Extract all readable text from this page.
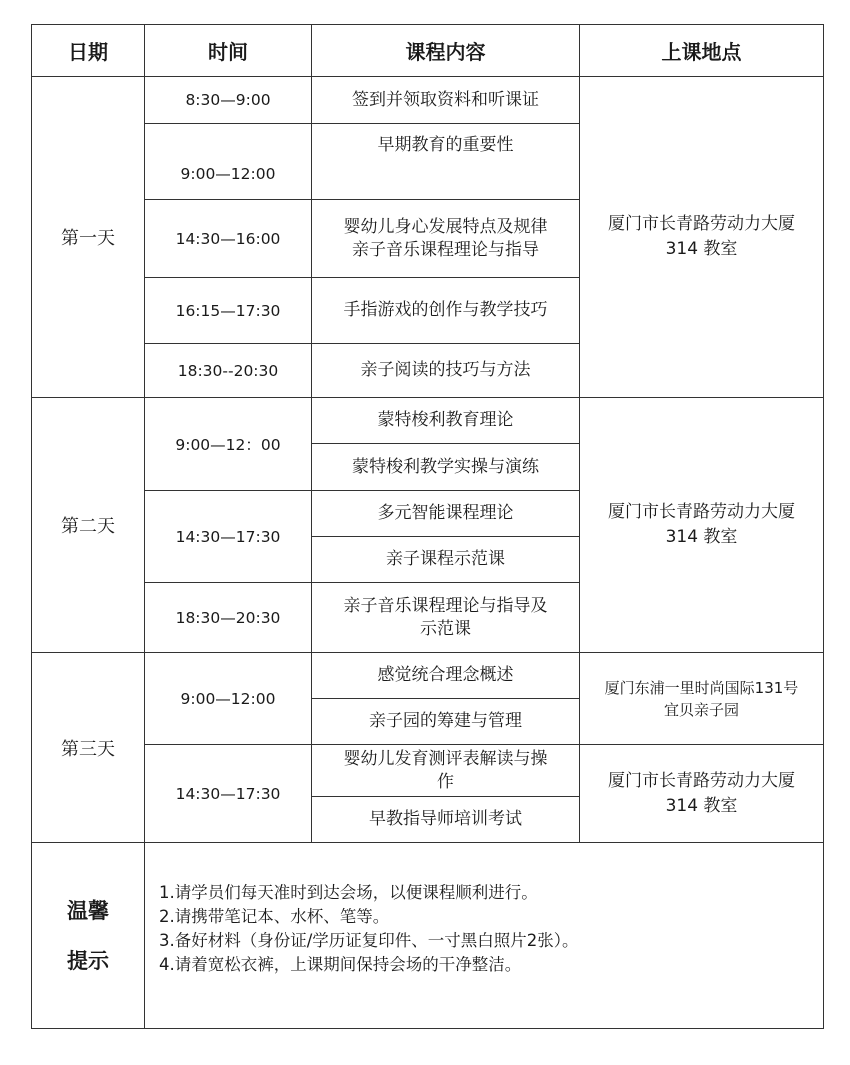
日期	时间	课程内容	上课地点
第一天	8:30—9:00	签到并领取资料和听课证	厦门市长青路劳动力大厦
314 教室

	9:00—12:00	早期教育的重要性	
	14:30—16:00	婴幼儿身心发展特点及规律
亲子音乐课程理论与指导	

	16:15—17:30	手指游戏的创作与教学技巧	
	18:30--20:30	亲子阅读的技巧与方法	
第二天	9:00—12：00	蒙特梭利教育理论	厦门市长青路劳动力大厦
314 教室

		蒙特梭利教学实操与演练	
	14:30—17:30	多元智能课程理论	
		亲子课程示范课	
	18:30—20:30	亲子音乐课程理论与指导及
示范课	

第三天	9:00—12:00	感觉统合理念概述	厦门东浦一里时尚国际131号
宜贝亲子园

		亲子园的筹建与管理	
	14:30—17:30	婴幼儿发育测评表解读与操
作	厦门市长青路劳动力大厦
314 教室

		早教指导师培训考试	

温馨
提示	1.请学员们每天准时到达会场，以便课程顺利进行。
2.请携带笔记本、水杯、笔等。
3.备好材料（身份证/学历证复印件、一寸黑白照片2张）。
4.请着宽松衣裤，上课期间保持会场的干净整洁。		
